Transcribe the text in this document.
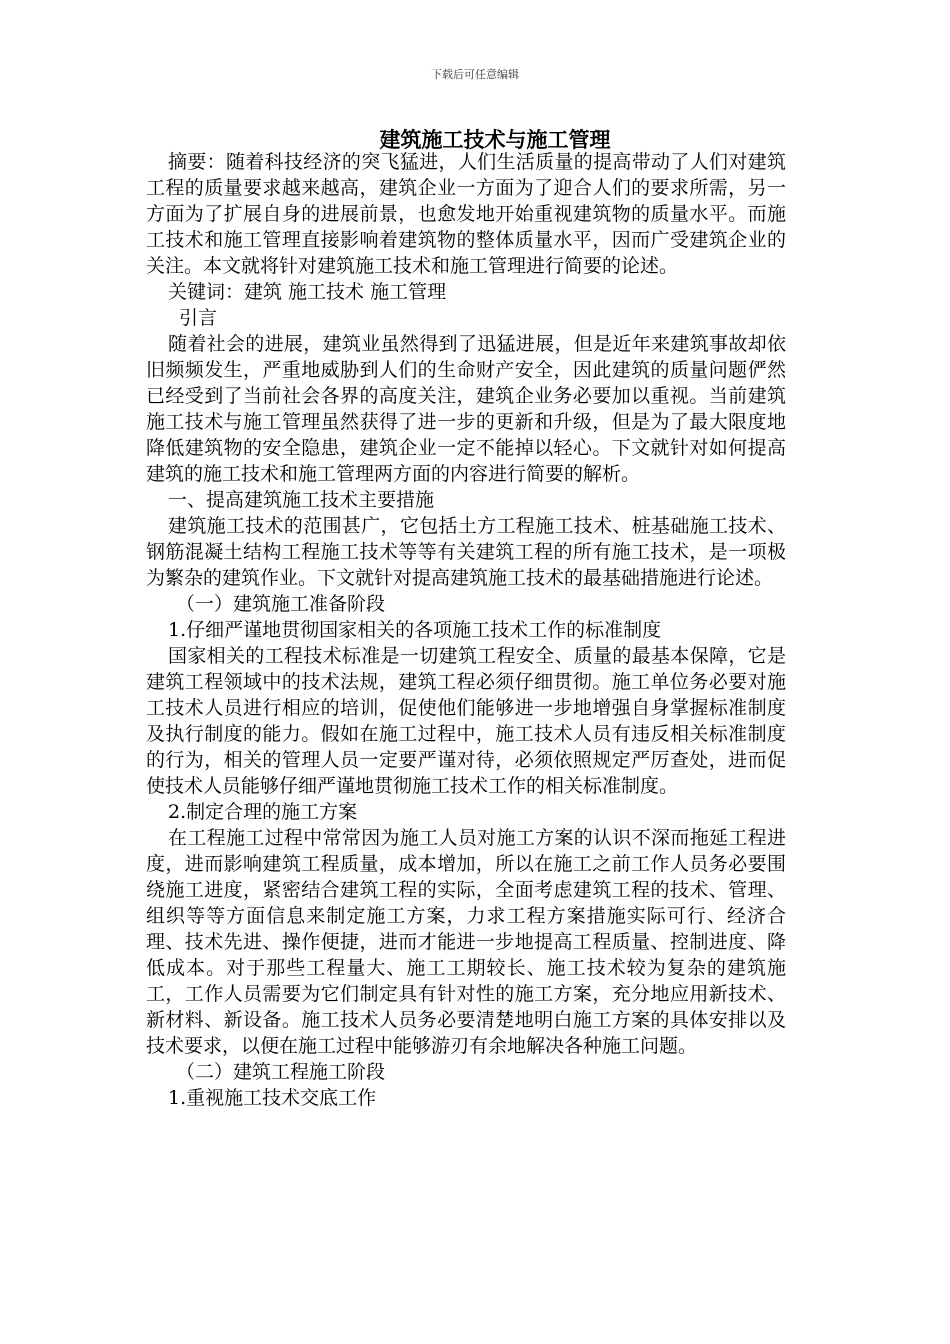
下载后可任意编辑
建筑施工技术与施工管理

摘要：随着科技经济的突飞猛进，人们生活质量的提高带动了人们对建筑工程的质量要求越来越高，建筑企业一方面为了迎合人们的要求所需，另一方面为了扩展自身的进展前景，也愈发地开始重视建筑物的质量水平。而施工技术和施工管理直接影响着建筑物的整体质量水平，因而广受建筑企业的关注。本文就将针对建筑施工技术和施工管理进行简要的论述。

关键词：建筑 施工技术 施工管理

引言

随着社会的进展，建筑业虽然得到了迅猛进展，但是近年来建筑事故却依旧频频发生，严重地威胁到人们的生命财产安全，因此建筑的质量问题俨然已经受到了当前社会各界的高度关注，建筑企业务必要加以重视。当前建筑施工技术与施工管理虽然获得了进一步的更新和升级，但是为了最大限度地降低建筑物的安全隐患，建筑企业一定不能掉以轻心。下文就针对如何提高建筑的施工技术和施工管理两方面的内容进行简要的解析。

一、提高建筑施工技术主要措施

建筑施工技术的范围甚广，它包括土方工程施工技术、桩基础施工技术、钢筋混凝土结构工程施工技术等等有关建筑工程的所有施工技术，是一项极为繁杂的建筑作业。下文就针对提高建筑施工技术的最基础措施进行论述。

（一）建筑施工准备阶段

1.仔细严谨地贯彻国家相关的各项施工技术工作的标准制度

国家相关的工程技术标准是一切建筑工程安全、质量的最基本保障，它是建筑工程领域中的技术法规，建筑工程必须仔细贯彻。施工单位务必要对施工技术人员进行相应的培训，促使他们能够进一步地增强自身掌握标准制度及执行制度的能力。假如在施工过程中，施工技术人员有违反相关标准制度的行为，相关的管理人员一定要严谨对待，必须依照规定严厉查处，进而促使技术人员能够仔细严谨地贯彻施工技术工作的相关标准制度。

2.制定合理的施工方案

在工程施工过程中常常因为施工人员对施工方案的认识不深而拖延工程进度，进而影响建筑工程质量，成本增加，所以在施工之前工作人员务必要围绕施工进度，紧密结合建筑工程的实际，全面考虑建筑工程的技术、管理、组织等等方面信息来制定施工方案，力求工程方案措施实际可行、经济合理、技术先进、操作便捷，进而才能进一步地提高工程质量、控制进度、降低成本。对于那些工程量大、施工工期较长、施工技术较为复杂的建筑施工，工作人员需要为它们制定具有针对性的施工方案，充分地应用新技术、新材料、新设备。施工技术人员务必要清楚地明白施工方案的具体安排以及技术要求，以便在施工过程中能够游刃有余地解决各种施工问题。

（二）建筑工程施工阶段

1.重视施工技术交底工作
